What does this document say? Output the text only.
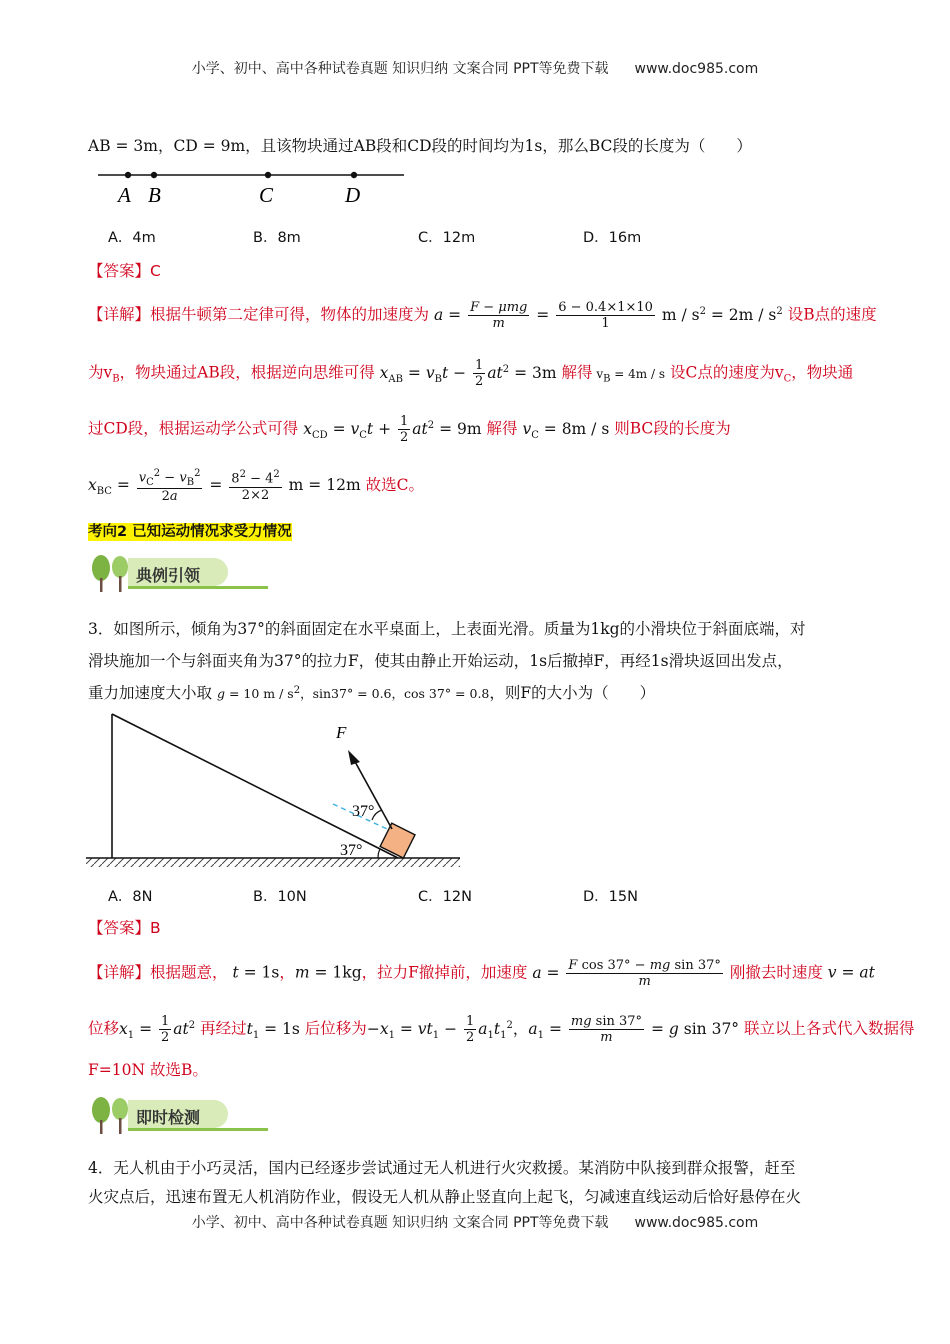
小学、初中、高中各种试卷真题 知识归纳 文案合同 PPT等免费下载 www.doc985.com
AB = 3m，CD = 9m，且该物块通过AB段和CD段的时间均为1s，那么BC段的长度为（　　）
A B	C	D
A．4m	B．8m	C．12m	D．16m
【答案】C
【详解】根据牛顿第二定律可得，物体的加速度为 $a = \frac{\text{F − μmg}}{m} = \frac{6 - 0.4\times 1\times 10}{1}$ $m / s^2 = 2m / s^2$ 设B点的速度
为$v_B$，物块通过AB段，根据逆向思维可得 $x_{AB} = v_Bt - \frac{1}{2} at^2 = 3m$ 解得 $v_B = 4m / s$ 设C点的速度为$v_C$，物块通
过CD段，根据运动学公式可得 $x_{CD} = v_Ct + \frac{1}{2} at^2 = 9m$ 解得 $v_C = 8m / s$ 则BC段的长度为
$x_{BC} = \frac{v_C^2 - v_B^2}{2a} = \frac{8^2 - 4^2}{2\times 2}$ m = 12m 故选C。
考向2 已知运动情况求受力情况
典例引领
3．如图所示，倾角为37°的斜面固定在水平桌面上，上表面光滑。质量为1kg的小滑块位于斜面底端，对
滑块施加一个与斜面夹角为37°的拉力F，使其由静止开始运动，1s后撤掉F，再经1s滑块返回出发点，
重力加速度大小取 g = 10 m / $s^2$，sin37° = 0.6，cos 37° = 0.8，则F的大小为（　　）
F
37°
37°
A．8N	B．10N	C．12N	D．15N
【答案】B
【详解】根据题意， t = 1s，m = 1kg，拉力F撤掉前，加速度 $a = \frac{\text{F cos 37° − mg sin 37°}}{m}$ 刚撤去时速度 v = at
位移$x_1 = \frac{1}{2} at^2$ 再经过$t_1 = 1s$ 后位移为$-x_1 = vt_1 - \frac{1}{2} a_1t_1^2$，$a_1 = \frac{\text{mg sin 37°}}{m} = g$ sin 37° 联立以上各式代入数据得
F=10N 故选B。
即时检测
4．无人机由于小巧灵活，国内已经逐步尝试通过无人机进行火灾救援。某消防中队接到群众报警，赶至
火灾点后，迅速布置无人机消防作业，假设无人机从静止竖直向上起飞，匀减速直线运动后恰好悬停在火
小学、初中、高中各种试卷真题 知识归纳 文案合同 PPT等免费下载 www.doc985.com
